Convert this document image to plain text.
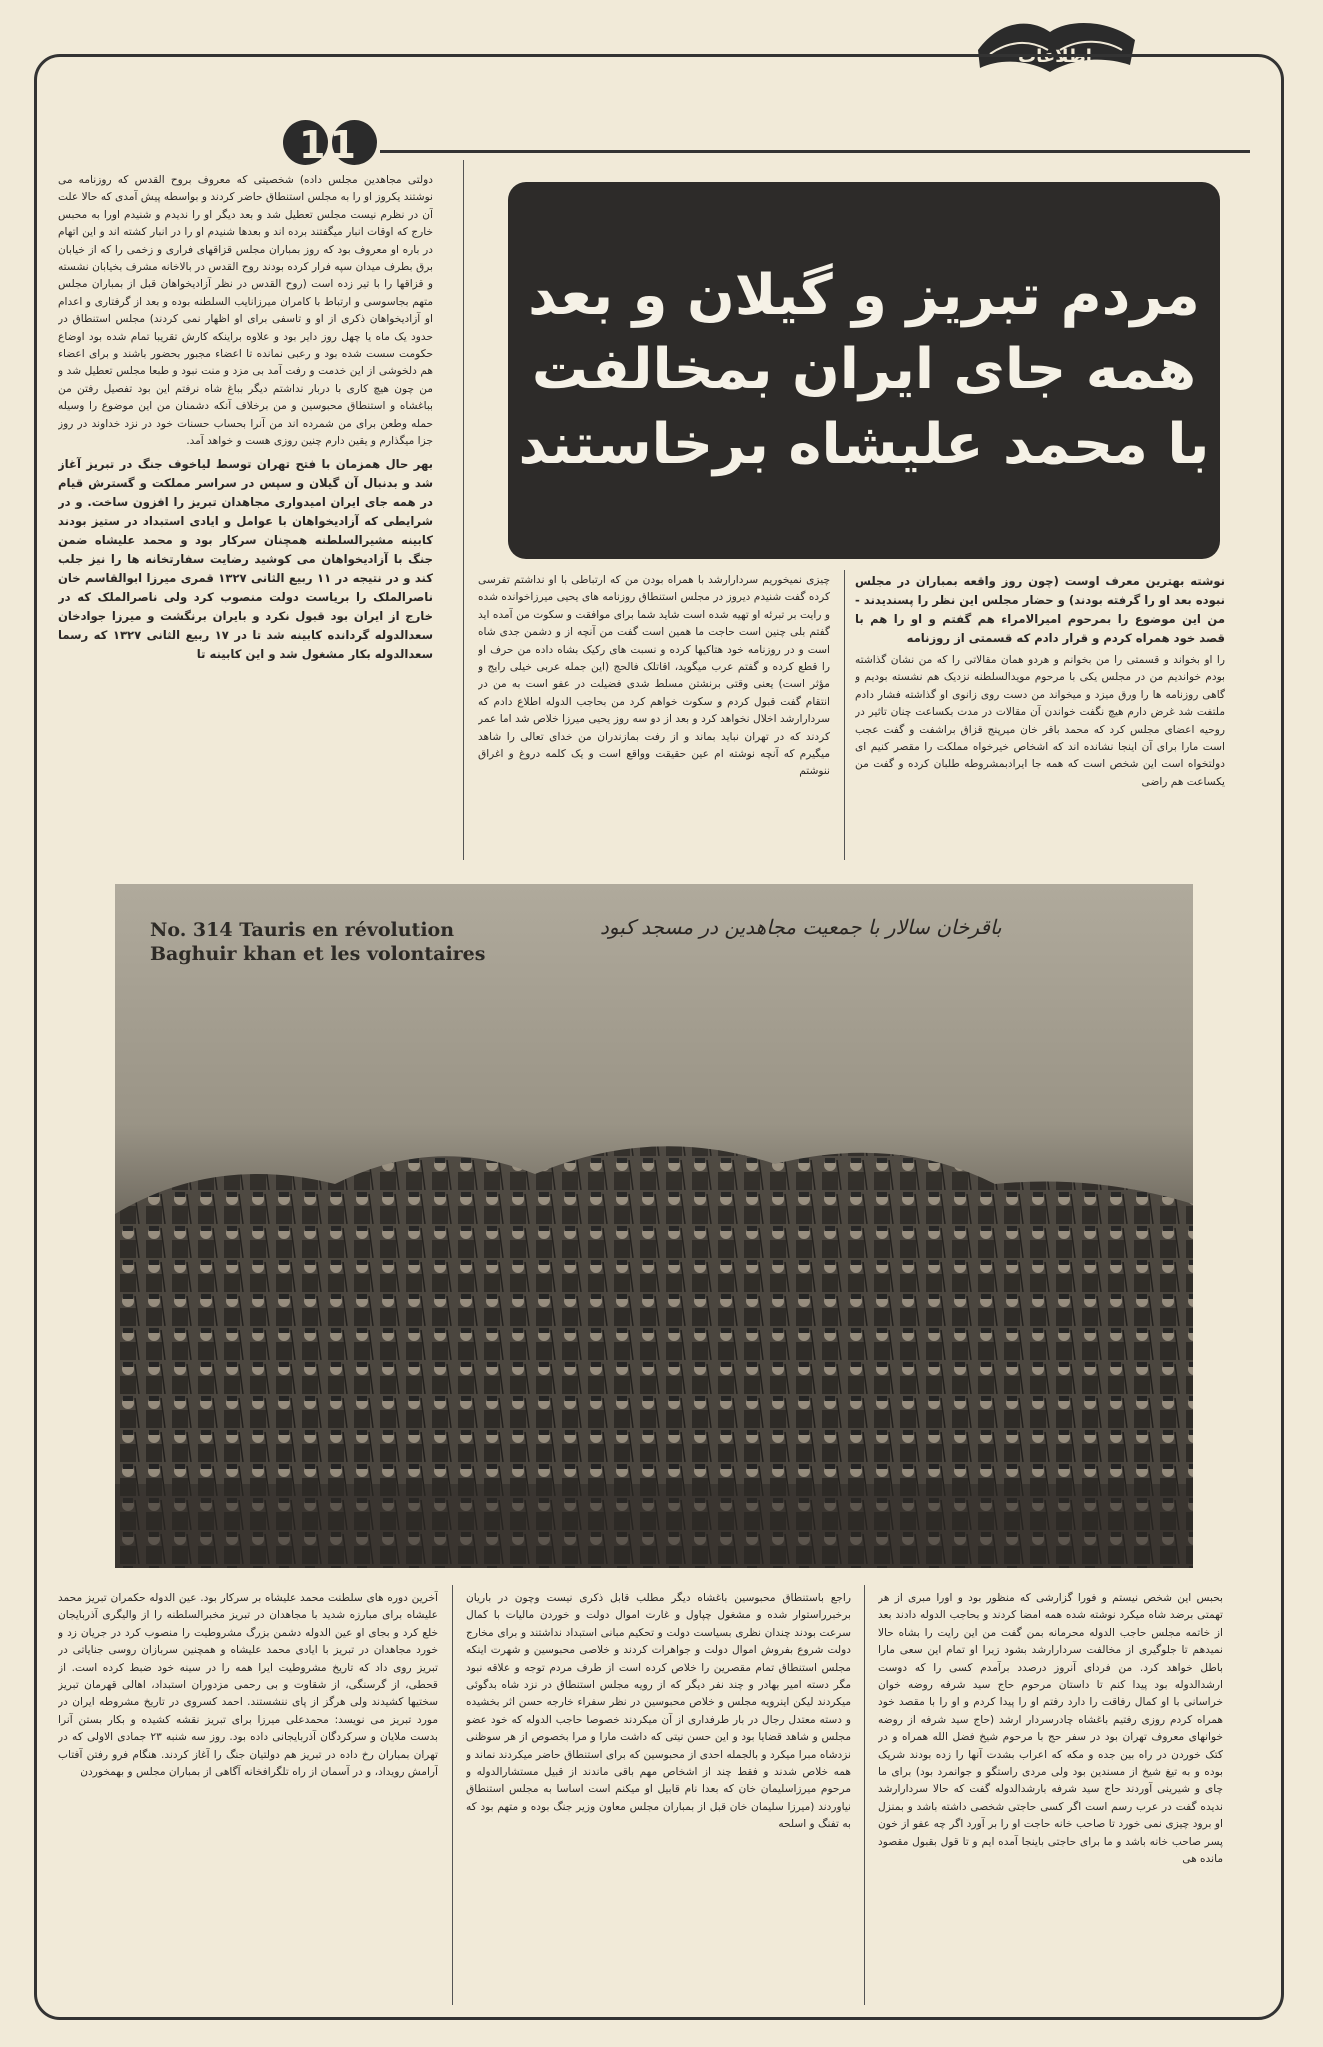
اطلاعات
11
مردم تبریز و گیلان و بعد
همه جای ایران بمخالفت
با محمد علیشاه برخاستند

دولتی مجاهدین مجلس داده) شخصیتی که معروف بروح القدس که روزنامه می نوشتند یکروز او را به مجلس استنطاق حاضر کردند و بواسطه پیش آمدی که حالا علت آن در نظرم نیست مجلس تعطیل شد و بعد دیگر او را ندیدم و شنیدم اورا به محبس خارج که اوقات انبار میگفتند برده اند و بعدها شنیدم او را در انبار کشته اند و این اتهام در باره او معروف بود که روز بمباران مجلس قزاقهای فراری و زخمی را که از خیابان برق بطرف میدان سپه فرار کرده بودند روح القدس در بالاخانه مشرف بخیابان نشسته و قزاقها را با تیر زده است (روح القدس در نظر آزادیخواهان قبل از بمباران مجلس متهم بجاسوسی و ارتباط با کامران میرزانایب السلطنه بوده و بعد از گرفتاری و اعدام او آزادیخواهان ذکری از او و تاسفی برای او اظهار نمی کردند) مجلس استنطاق در حدود یک ماه یا چهل روز دایر بود و علاوه براینکه کارش تقریبا تمام شده بود اوضاع حکومت سست شده بود و رعبی نمانده تا اعضاء مجبور بحضور باشند و برای اعضاء هم دلخوشی از این خدمت و رفت آمد بی مزد و منت نبود و طبعا مجلس تعطیل شد و من چون هیچ کاری با دربار نداشتم دیگر بباغ شاه نرفتم این بود تفصیل رفتن من بباغشاه و استنطاق محبوسین و من برخلاف آنکه دشمنان من این موضوع را وسیله حمله وطعن برای من شمرده اند من آنرا بحساب حسنات خود در نزد خداوند در روز جزا میگذارم و یقین دارم چنین روزی هست و خواهد آمد.

بهر حال همزمان با فتح تهران توسط لیاخوف جنگ در تبریز آغاز شد و بدنبال آن گیلان و سپس در سراسر مملکت و گسترش قیام در همه جای ایران امیدواری مجاهدان تبریز را افزون ساخت. و در شرایطی که آزادیخواهان با عوامل و ایادی استبداد در ستیز بودند کابینه مشیرالسلطنه همچنان سرکار بود و محمد علیشاه ضمن جنگ با آزادیخواهان می کوشید رضایت سفارتخانه ها را نیز جلب کند و در نتیجه در ۱۱ ربیع الثانی ۱۳۲۷ قمری میرزا ابوالقاسم خان ناصرالملک را بریاست دولت منصوب کرد ولی ناصرالملک که در خارج از ایران بود قبول نکرد و بایران برنگشت و میرزا جوادخان سعدالدوله گردانده کابینه شد تا در ۱۷ ربیع الثانی ۱۳۲۷ که رسما سعدالدوله بکار مشغول شد و این کابینه تا

چیزی نمیخوریم سردارارشد با همراه بودن من که ارتباطی با او نداشتم تفرسی کرده گفت شنیدم دیروز در مجلس استنطاق روزنامه های یحیی میرزاخوانده شده و رایت بر تبرئه او تهیه شده است شاید شما برای موافقت و سکوت من آمده اید گفتم بلی چنین است حاجت ما همین است گفت من آنچه از و دشمن جدی شاه است و در روزنامه خود هتاکیها کرده و نسبت های رکیک بشاه داده من حرف او را قطع کرده و گفتم عرب میگوید، اقاتلک فالحج (این جمله عربی خیلی رایج و مؤثر است) یعنی وقتی برنشتن مسلط شدی فضیلت در عفو است به من در انتقام گفت قبول کردم و سکوت خواهم کرد من بحاجب الدوله اطلاع دادم که سردارارشد اخلال نخواهد کرد و بعد از دو سه روز یحیی میرزا خلاص شد اما عمر کردند که در تهران نباید بماند و از رفت بمازندران من خدای تعالی را شاهد میگیرم که آنچه نوشته ام عین حقیقت وواقع است و یک کلمه دروغ و اغراق ننوشتم

نوشته بهترین معرف اوست (چون روز واقعه بمباران در مجلس نبوده بعد او را گرفته بودند) و حضار مجلس این نظر را پسندیدند - من این موضوع را بمرحوم امیرالامراء هم گفتم و او را هم با قصد خود همراه کردم و قرار دادم که قسمتی از روزنامه

را او بخواند و قسمتی را من بخوانم و هردو همان مقالاتی را که من نشان گذاشته بودم خواندیم من در مجلس یکی با مرحوم مویدالسلطنه نزدیک هم نشسته بودیم و گاهی روزنامه ها را ورق میزد و میخواند من دست روی زانوی او گذاشته فشار دادم ملتفت شد غرض دارم هیچ نگفت خواندن آن مقالات در مدت بکساعت چنان تاثیر در روحیه اعضای مجلس کرد که محمد باقر خان میرپنج قزاق براشفت و گفت عجب است مارا برای آن اینجا نشانده اند که اشخاص خیرخواه مملکت را مقصر کنیم ای دولتخواه است این شخص است که همه جا ایرادبمشروطه طلبان کرده و گفت من یکساعت هم راضی

No. 314 Tauris en révolution
Baghuir khan et les volontaires
باقرخان سالار با جمعیت مجاهدین در مسجد کبود

آخرین دوره های سلطنت محمد علیشاه بر سرکار بود. عین الدوله حکمران تبریز محمد علیشاه برای مبارزه شدید با مجاهدان در تبریز مخبرالسلطنه را از والیگری آذربایجان خلع کرد و بجای او عین الدوله دشمن بزرگ مشروطیت را منصوب کرد در جریان زد و خورد مجاهدان در تبریز با ایادی محمد علیشاه و همچنین سربازان روسی جنایاتی در تبریز روی داد که تاریخ مشروطیت ایرا همه را در سینه خود ضبط کرده است. از قحطی، از گرسنگی، از شقاوت و بی رحمی مزدوران استبداد، اهالی قهرمان تبریز سختیها کشیدند ولی هرگز از پای ننشستند. احمد کسروی در تاریخ مشروطه ایران در مورد تبریز می نویسد: محمدعلی میرزا برای تبریز نقشه کشیده و بکار بستن آنرا بدست ملایان و سرکردگان آذربایجانی داده بود. روز سه شنبه ۲۳ جمادی الاولی که در تهران بمباران رخ داده در تبریز هم دولتیان جنگ را آغاز کردند. هنگام فرو رفتن آفتاب آرامش رویداد، و در آسمان از راه تلگرافخانه آگاهی از بمباران مجلس و بهمخوردن

راجع باستنطاق محبوسین باغشاه دیگر مطلب قابل ذکری نیست وچون در باریان برخبرراستوار شده و مشغول چپاول و غارت اموال دولت و خوردن مالیات با کمال سرعت بودند چندان نظری بسیاست دولت و تحکیم مبانی استبداد نداشتند و برای مخارج دولت شروع بفروش اموال دولت و جواهرات کردند و خلاصی محبوسین و شهرت اینکه مجلس استنطاق تمام مقصرین را خلاص کرده است از طرف مردم توجه و علاقه نبود مگر دسته امیر بهادر و چند نفر دیگر که از رویه مجلس استنطاق در نزد شاه بدگوئی میکردند لیکن اینرویه مجلس و خلاص محبوسین در نظر سفراء خارجه حسن اثر بخشیده و دسته معتدل رجال در بار طرفداری از آن میکردند خصوصا حاجب الدوله که خود عضو مجلس و شاهد قضایا بود و این حسن نیتی که داشت مارا و مرا بخصوص از هر سوظنی نزدشاه مبرا میکرد و بالجمله احدی از محبوسین که برای استنطاق حاضر میکردند نماند و همه خلاص شدند و فقط چند از اشخاص مهم باقی ماندند از قبیل مستشارالدوله و مرحوم میرزاسلیمان خان که بعدا نام قابیل او میکنم است اساسا به مجلس استنطاق نیاوردند (میرزا سلیمان خان قبل از بمباران مجلس معاون وزیر جنگ بوده و متهم بود که به تفنگ و اسلحه

بحبس این شخص نیستم و فورا گزارشی که منظور بود و اورا مبری از هر تهمتی برضد شاه میکرد نوشته شده همه امضا کردند و بحاجب الدوله دادند بعد از خاتمه مجلس حاجب الدوله محرمانه بمن گفت من این رایت را بشاه حالا نمیدهم تا جلوگیری از مخالفت سردارارشد بشود زیرا او تمام این سعی مارا باطل خواهد کرد. من فردای آنروز درصدد برآمدم کسی را که دوست ارشدالدوله بود پیدا کنم تا داستان مرحوم حاج سید شرفه روضه خوان خراسانی با او کمال رفاقت را دارد رفتم او را پیدا کردم و او را با مقصد خود همراه کردم روزی رفتیم باغشاه چادرسردار ارشد (حاج سید شرفه از روضه خوانهای معروف تهران بود در سفر حج با مرحوم شیخ فضل الله همراه و در کتک خوردن در راه بین جده و مکه که اعراب بشدت آنها را زده بودند شریک بوده و به تیغ شیخ از مسندین بود ولی مردی راستگو و جوانمرد بود) برای ما چای و شیرینی آوردند حاج سید شرفه بارشدالدوله گفت که حالا سردارارشد ندیده گفت در عرب رسم است اگر کسی حاجتی شخصی داشته باشد و بمنزل او برود چیزی نمی خورد تا صاحب خانه حاجت او را بر آورد اگر چه عفو از خون پسر صاحب خانه باشد و ما برای حاجتی باینجا آمده ایم و تا قول بقبول مقصود مانده هی
